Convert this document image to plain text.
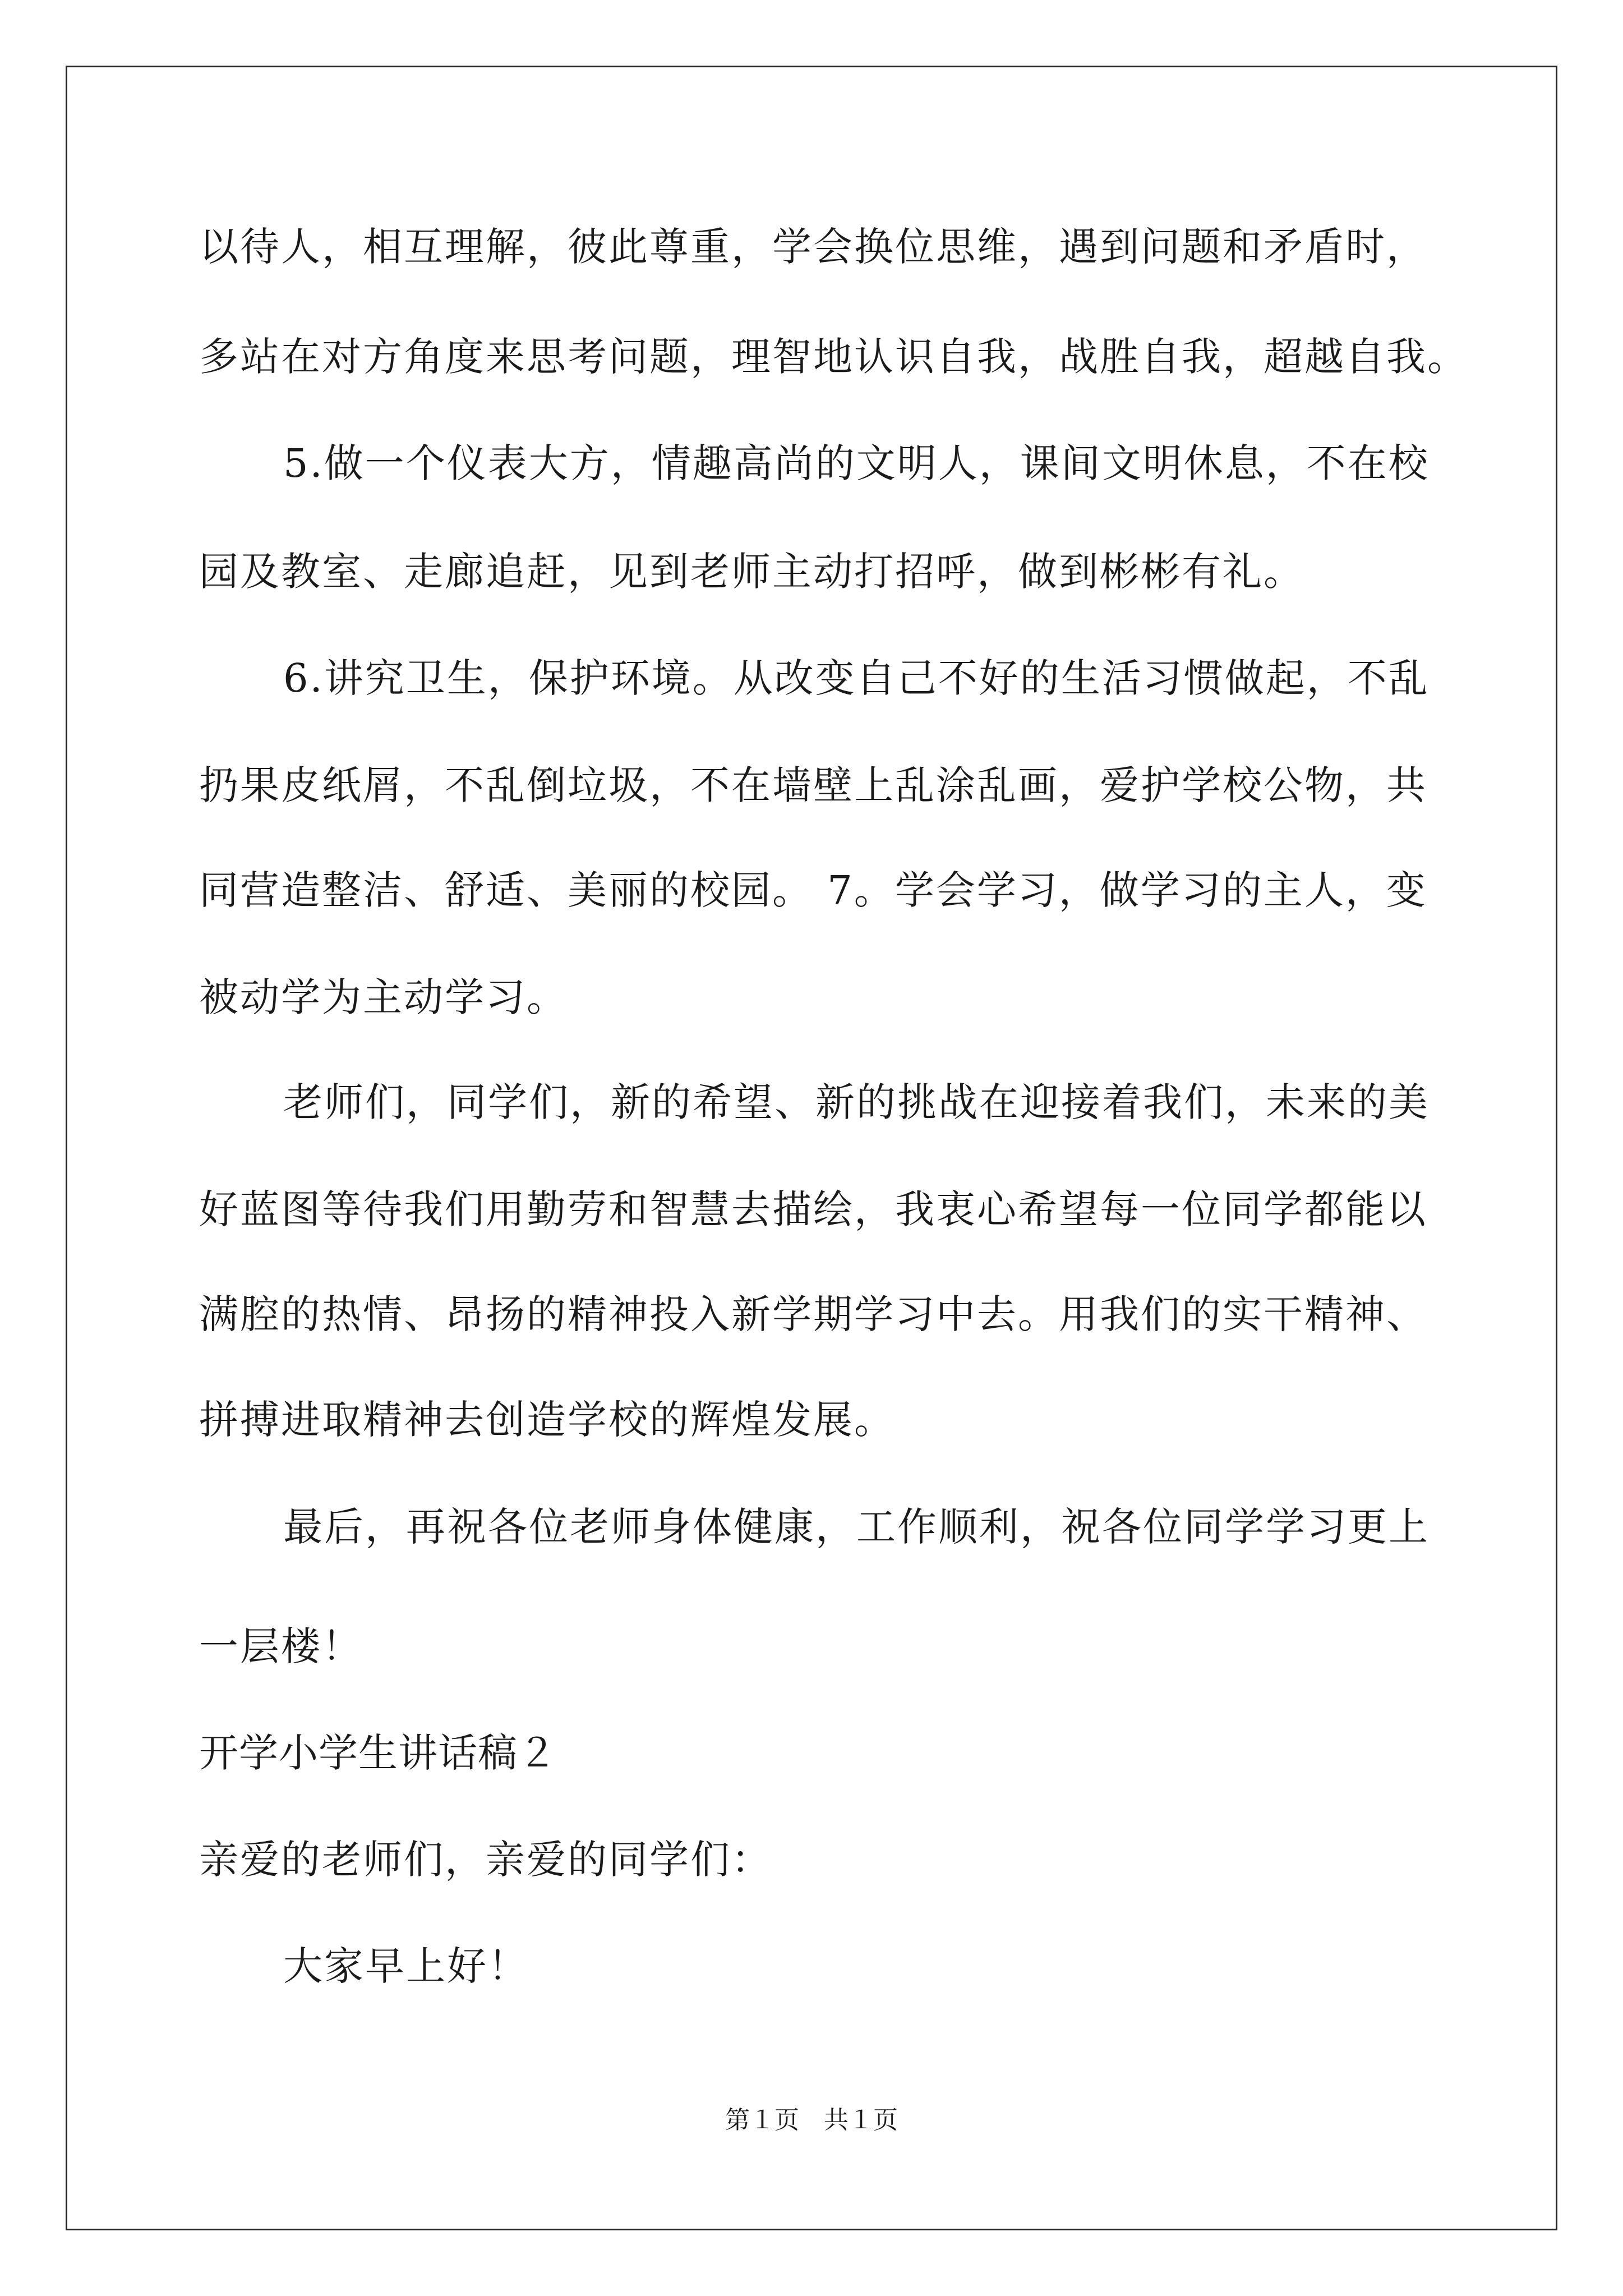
以待人，相互理解，彼此尊重，学会换位思维，遇到问题和矛盾时，
多站在对方角度来思考问题，理智地认识自我，战胜自我，超越自我。
5.做一个仪表大方，情趣高尚的文明人，课间文明休息，不在校
园及教室、走廊追赶，见到老师主动打招呼，做到彬彬有礼。
6.讲究卫生，保护环境。从改变自己不好的生活习惯做起，不乱
扔果皮纸屑，不乱倒垃圾，不在墙壁上乱涂乱画，爱护学校公物，共
同营造整洁、舒适、美丽的校园。 7。学会学习，做学习的主人，变
被动学为主动学习。
老师们，同学们，新的希望、新的挑战在迎接着我们，未来的美
好蓝图等待我们用勤劳和智慧去描绘，我衷心希望每一位同学都能以
满腔的热情、昂扬的精神投入新学期学习中去。用我们的实干精神、
拼搏进取精神去创造学校的辉煌发展。
最后，再祝各位老师身体健康，工作顺利，祝各位同学学习更上
一层楼！
开学小学生讲话稿２
亲爱的老师们，亲爱的同学们：
大家早上好！
第１页　共１页
